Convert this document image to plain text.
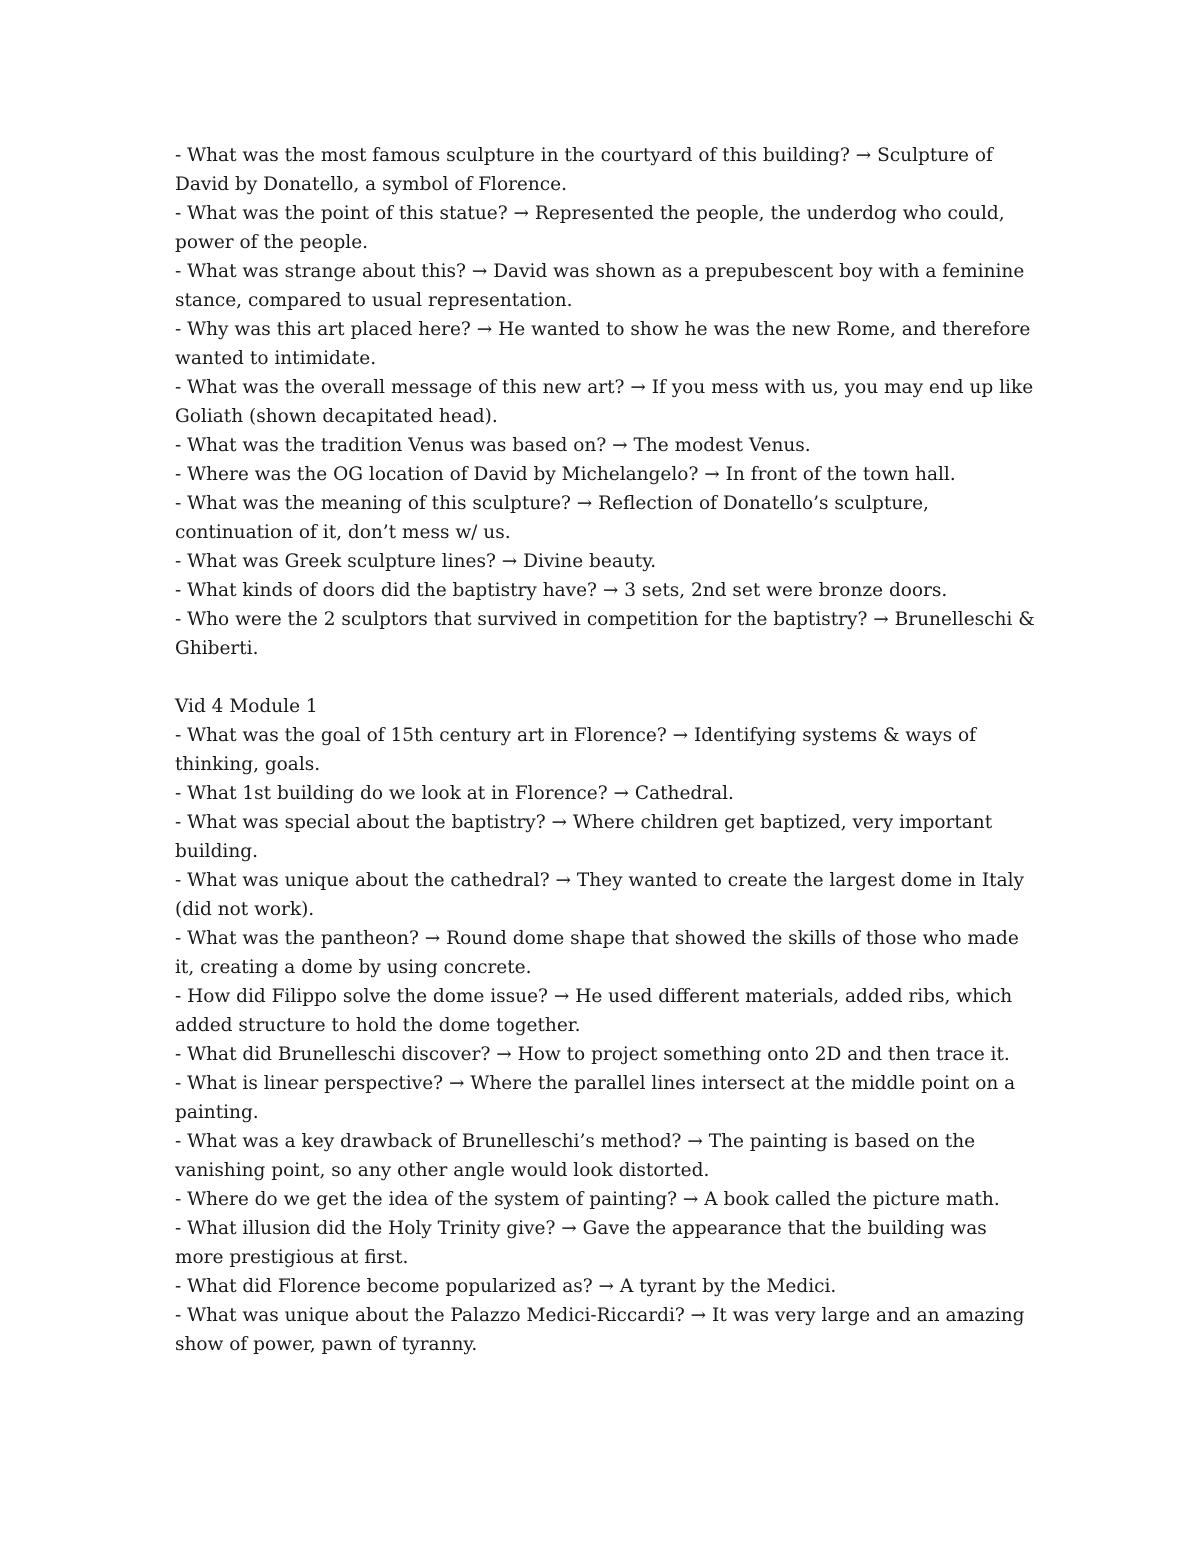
- What was the most famous sculpture in the courtyard of this building? → Sculpture of David by Donatello, a symbol of Florence.

- What was the point of this statue? → Represented the people, the underdog who could, power of the people.

- What was strange about this? → David was shown as a prepubescent boy with a feminine stance, compared to usual representation.

- Why was this art placed here? → He wanted to show he was the new Rome, and therefore wanted to intimidate.

- What was the overall message of this new art? → If you mess with us, you may end up like Goliath (shown decapitated head).

- What was the tradition Venus was based on? → The modest Venus.

- Where was the OG location of David by Michelangelo? → In front of the town hall.

- What was the meaning of this sculpture? → Reflection of Donatello’s sculpture, continuation of it, don’t mess w/ us.

- What was Greek sculpture lines? → Divine beauty.

- What kinds of doors did the baptistry have? → 3 sets, 2nd set were bronze doors.

- Who were the 2 sculptors that survived in competition for the baptistry? → Brunelleschi & Ghiberti.

Vid 4 Module 1

- What was the goal of 15th century art in Florence? → Identifying systems & ways of thinking, goals.

- What 1st building do we look at in Florence? → Cathedral.

- What was special about the baptistry? → Where children get baptized, very important building.

- What was unique about the cathedral? → They wanted to create the largest dome in Italy (did not work).

- What was the pantheon? → Round dome shape that showed the skills of those who made it, creating a dome by using concrete.

- How did Filippo solve the dome issue? → He used different materials, added ribs, which added structure to hold the dome together.

- What did Brunelleschi discover? → How to project something onto 2D and then trace it.

- What is linear perspective? → Where the parallel lines intersect at the middle point on a painting.

- What was a key drawback of Brunelleschi’s method? → The painting is based on the vanishing point, so any other angle would look distorted.

- Where do we get the idea of the system of painting? → A book called the picture math.

- What illusion did the Holy Trinity give? → Gave the appearance that the building was more prestigious at first.

- What did Florence become popularized as? → A tyrant by the Medici.

- What was unique about the Palazzo Medici-Riccardi? → It was very large and an amazing show of power, pawn of tyranny.
